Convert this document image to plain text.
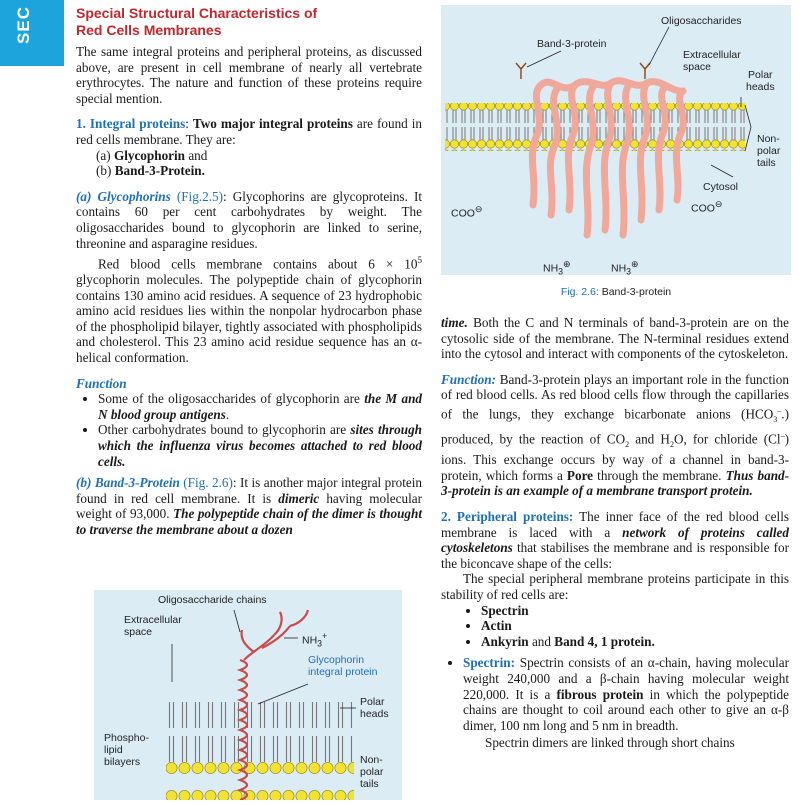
SEC	Special Structural Characteristics of
Red Cells Membranes

The same integral proteins and peripheral proteins, as discussed above, are present in cell membrane of nearly all vertebrate erythrocytes. The nature and function of these proteins require special mention.

1. Integral proteins: Two major integral proteins are found in red cells membrane. They are:

(a) Glycophorin and

(b) Band-3-Protein.

(a) Glycophorins (Fig.2.5): Glycophorins are glycoproteins. It contains 60 per cent carbohydrates by weight. The oligosaccharides bound to glycophorin are linked to serine, threonine and asparagine residues.

Red blood cells membrane contains about $6 \times 10^5$ glycophorin molecules. The polypeptide chain of glycophorin contains 130 amino acid residues. A sequence of 23 hydrophobic amino acid residues lies within the nonpolar hydrocarbon phase of the phospholipid bilayer, tightly associated with phospholipids and cholesterol. This 23 amino acid residue sequence has an α-helical conformation.

Function

• Some of the oligosaccharides of glycophorin are the M and N blood group antigens.
• Other carbohydrates bound to glycophorin are sites through which the influenza virus becomes attached to red blood cells.

(b) Band-3-Protein (Fig. 2.6): It is another major integral protein found in red cell membrane. It is dimeric having molecular weight of 93,000. The polypeptide chain of the dimer is thought to traverse the membrane about a dozen

Oligosaccharides
Band-3-protein
Extracellular
space
Polar
heads
Non-
polar
tails
Cytosol
COO⊖	COO⊖
$NH_3^\oplus$	$NH_3^\oplus$
Fig. 2.6: Band-3-protein

time. Both the C and N terminals of band-3-protein are on the cytosolic side of the membrane. The N-terminal residues extend into the cytosol and interact with components of the cytoskeleton.

Function: Band-3-protein plays an important role in the function of red blood cells. As red blood cells flow through the capillaries of the lungs, they exchange bicarbonate anions $(HCO_3^-.)$ produced, by the reaction of $CO_2$ and $H_2O$, for chloride (Cl–) ions. This exchange occurs by way of a channel in band-3-protein, which forms a Pore through the membrane. Thus band-3-protein is an example of a membrane transport protein.

2. Peripheral proteins: The inner face of the red blood cells membrane is laced with a network of proteins called cytoskeletons that stabilises the membrane and is responsible for the biconcave shape of the cells:

The special peripheral membrane proteins participate in this stability of red cells are:

• Spectrin
• Actin
• Ankyrin and Band 4, 1 protein.
• Spectrin: Spectrin consists of an α-chain, having molecular weight 240,000 and a β-chain having molecular weight 220,000. It is a fibrous protein in which the polypeptide chains are thought to coil around each other to give an α-β dimer, 100 nm long and 5 nm in breadth.

Spectrin dimers are linked through short chains

Oligosaccharide chains
Extracellular
space
$NH_3^+$
Glycophorin
integral protein
Polar
heads
Phospho-
lipid
bilayers	Non-
polar
tails
